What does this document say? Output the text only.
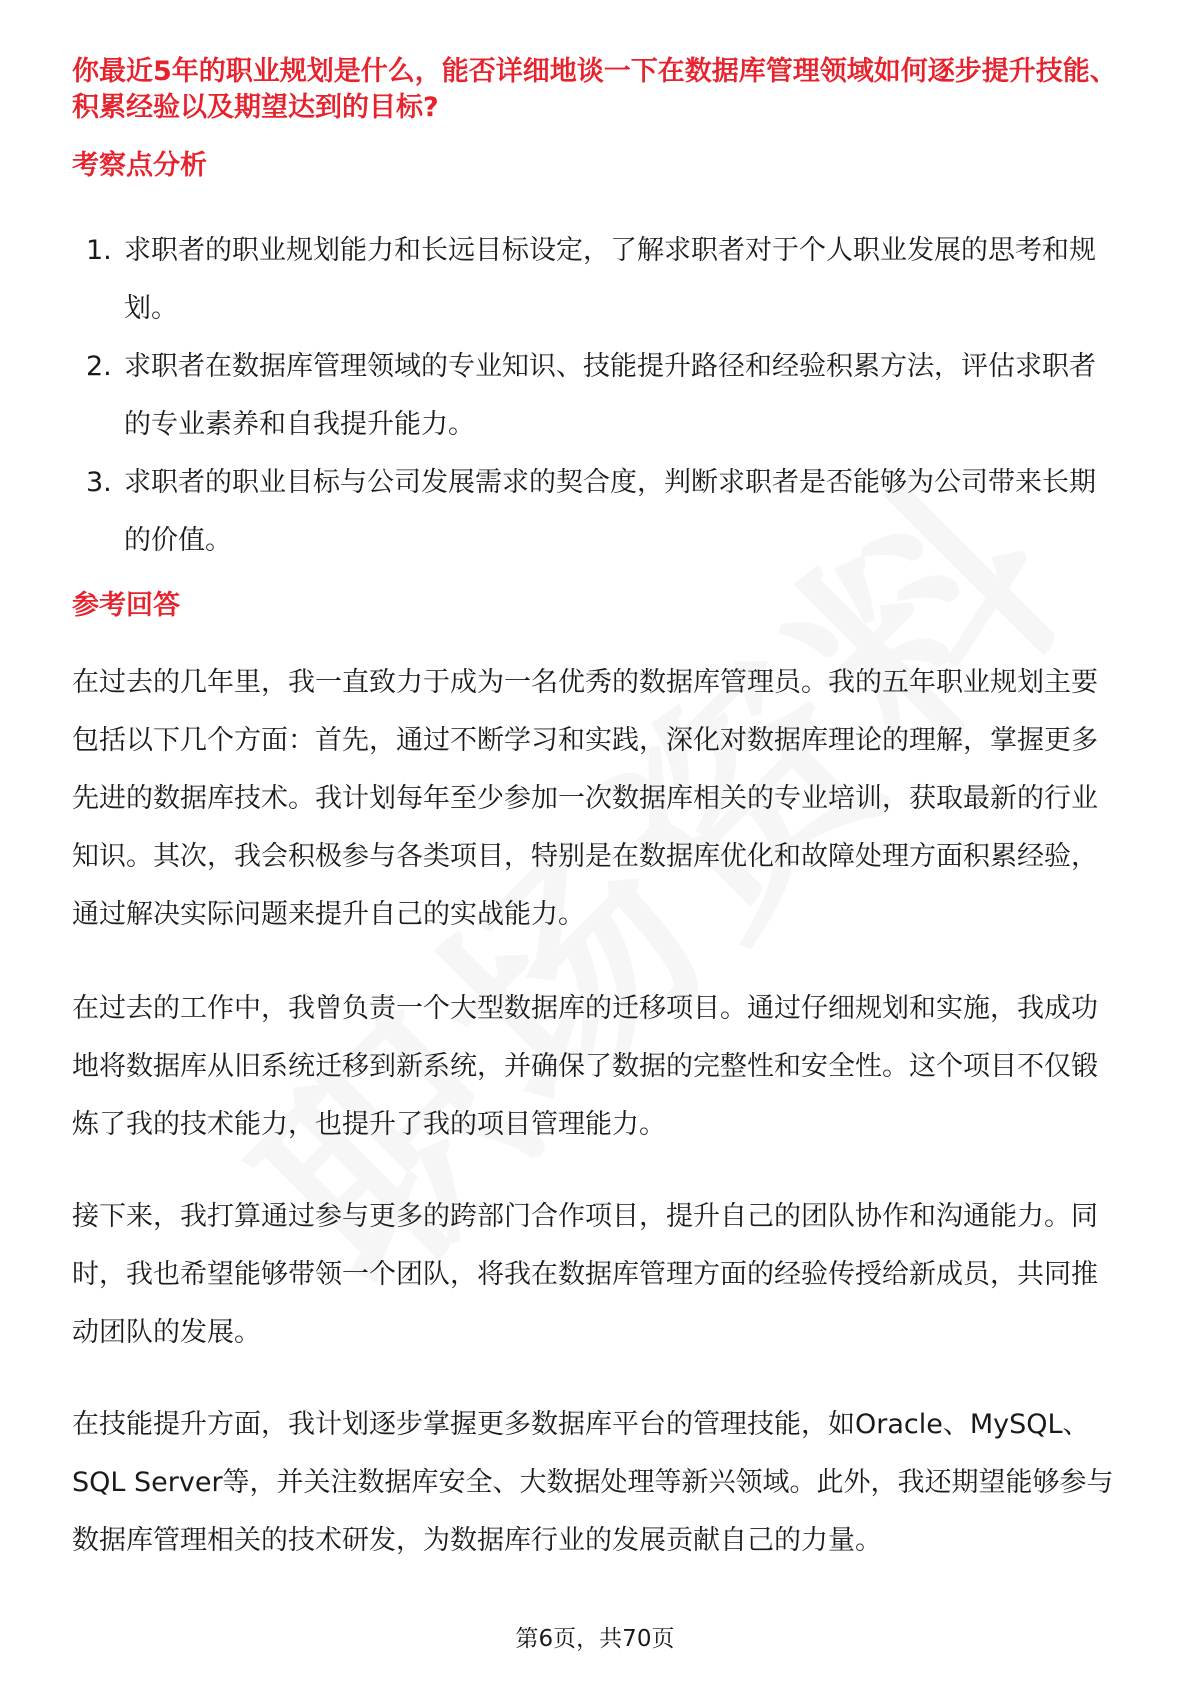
你最近5年的职业规划是什么，能否详细地谈一下在数据库管理领域如何逐步提升技能、积累经验以及期望达到的目标?
考察点分析
1. 求职者的职业规划能力和长远目标设定，了解求职者对于个人职业发展的思考和规划。
2. 求职者在数据库管理领域的专业知识、技能提升路径和经验积累方法，评估求职者的专业素养和自我提升能力。
3. 求职者的职业目标与公司发展需求的契合度，判断求职者是否能够为公司带来长期的价值。
参考回答

在过去的几年里，我一直致力于成为一名优秀的数据库管理员。我的五年职业规划主要包括以下几个方面：首先，通过不断学习和实践，深化对数据库理论的理解，掌握更多先进的数据库技术。我计划每年至少参加一次数据库相关的专业培训，获取最新的行业知识。其次，我会积极参与各类项目，特别是在数据库优化和故障处理方面积累经验，通过解决实际问题来提升自己的实战能力。

在过去的工作中，我曾负责一个大型数据库的迁移项目。通过仔细规划和实施，我成功地将数据库从旧系统迁移到新系统，并确保了数据的完整性和安全性。这个项目不仅锻炼了我的技术能力，也提升了我的项目管理能力。

接下来，我打算通过参与更多的跨部门合作项目，提升自己的团队协作和沟通能力。同时，我也希望能够带领一个团队，将我在数据库管理方面的经验传授给新成员，共同推动团队的发展。

在技能提升方面，我计划逐步掌握更多数据库平台的管理技能，如Oracle、MySQL、SQL Server等，并关注数据库安全、大数据处理等新兴领域。此外，我还期望能够参与数据库管理相关的技术研发，为数据库行业的发展贡献自己的力量。

第6页，共70页
